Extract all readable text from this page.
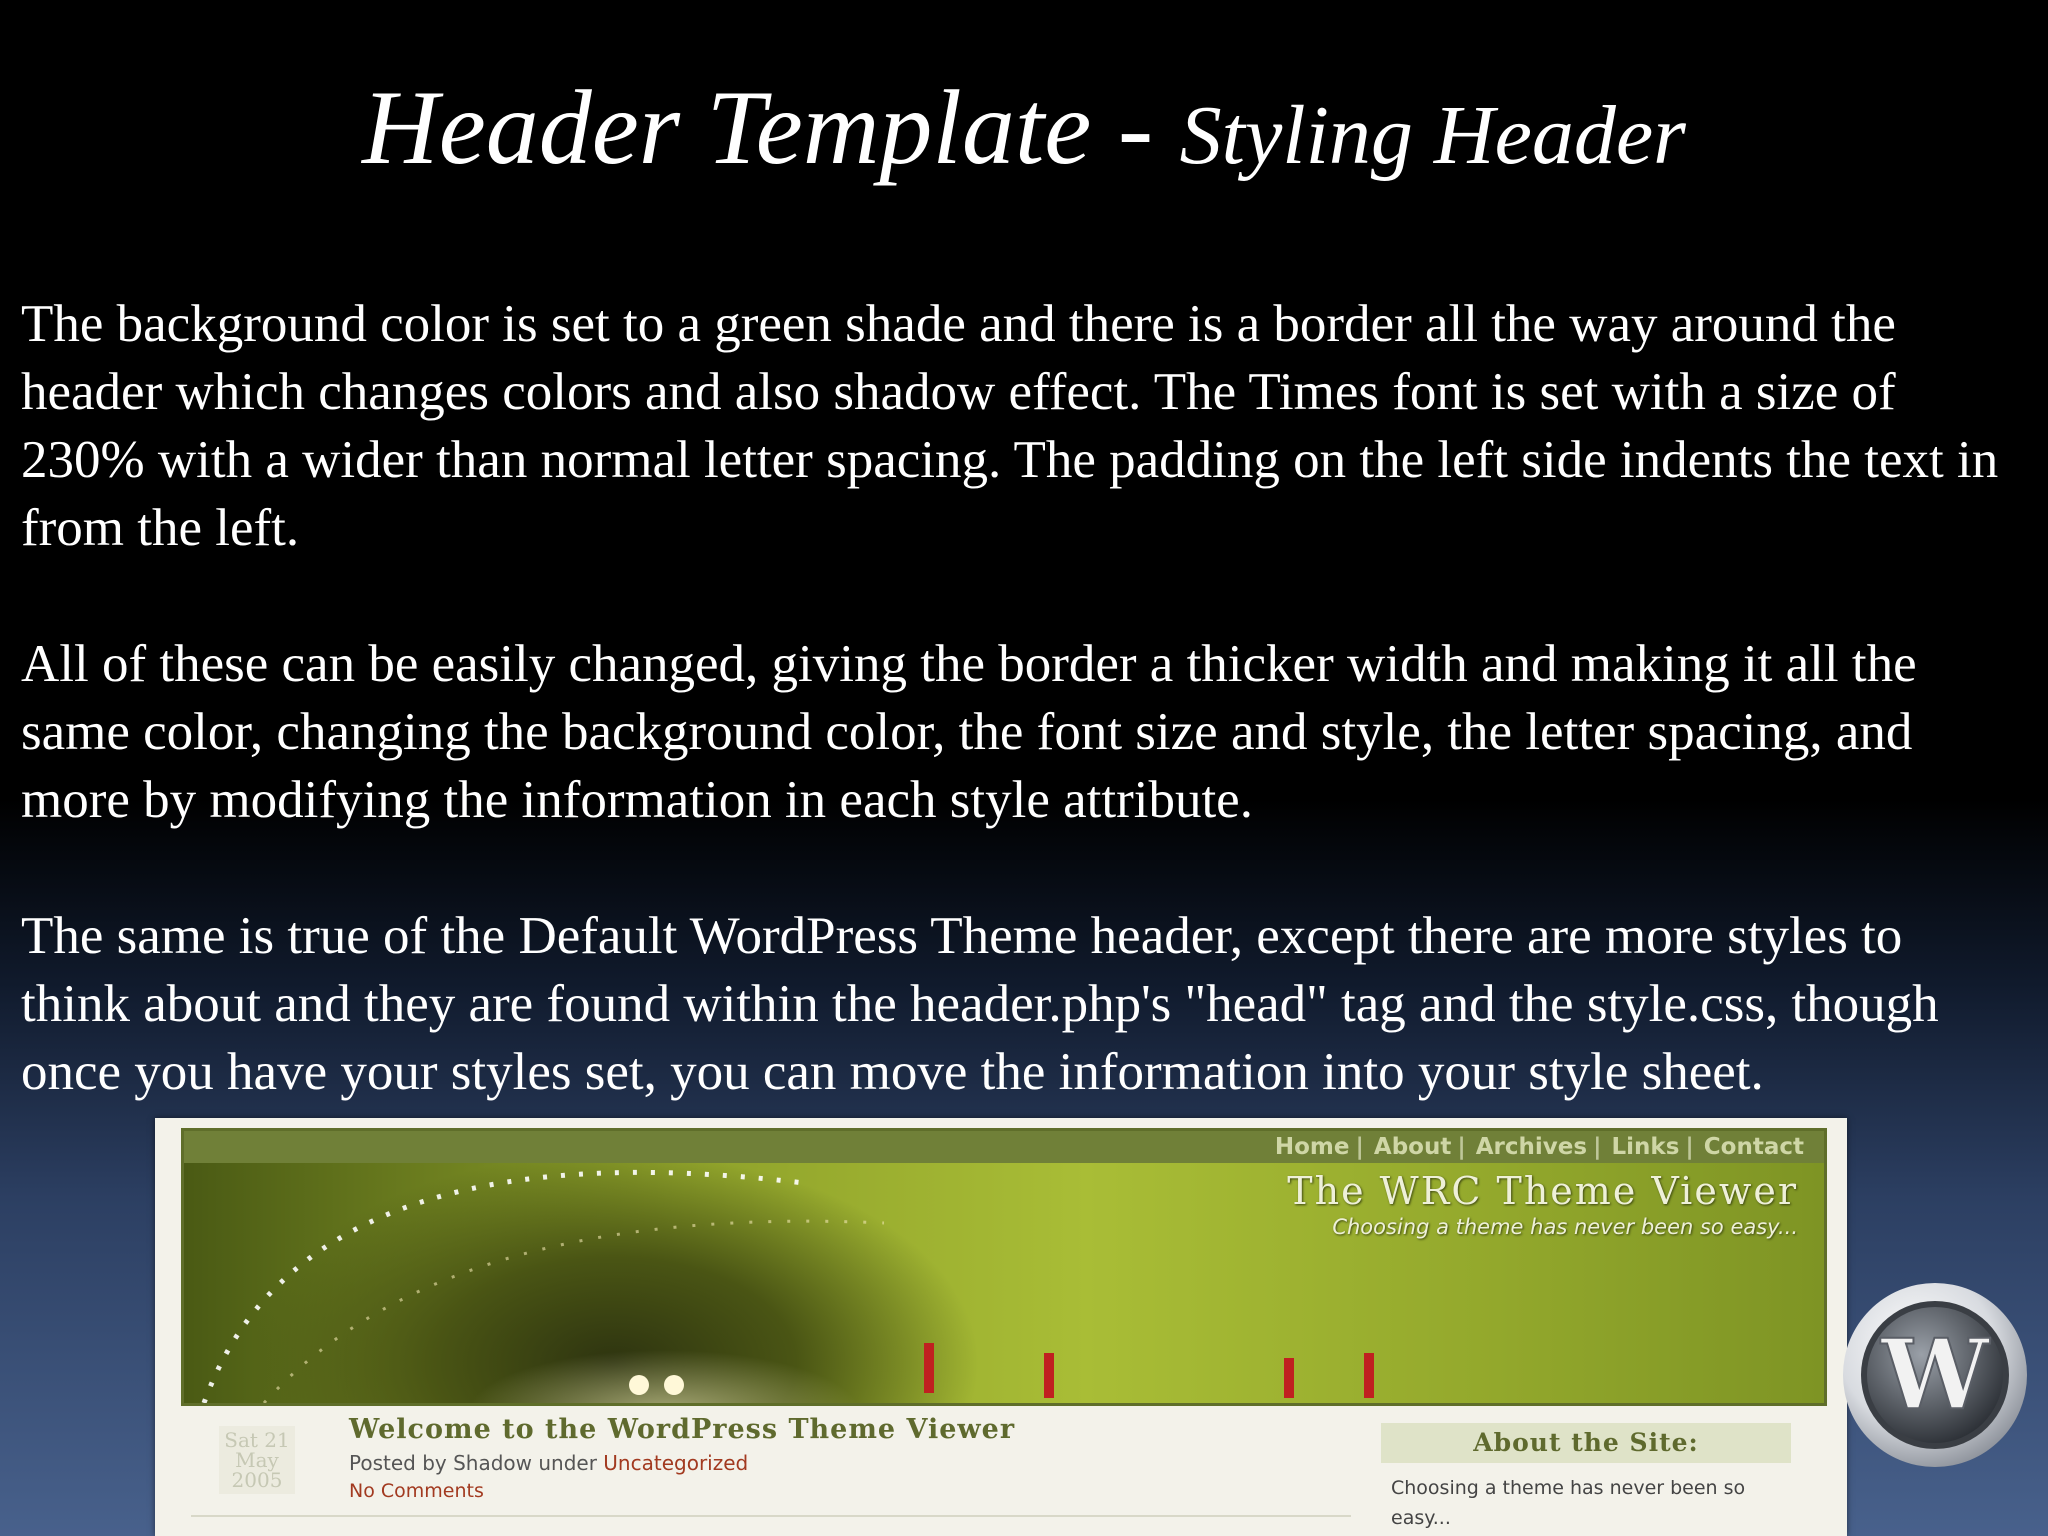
Header Template - Styling Header

The background color is set to a green shade and there is a border all the way around the header which changes colors and also shadow effect. The Times font is set with a size of 230% with a wider than normal letter spacing. The padding on the left side indents the text in from the left.

All of these can be easily changed, giving the border a thicker width and making it all the same color, changing the background color, the font size and style, the letter spacing, and more by modifying the information in each style attribute.

The same is true of the Default WordPress Theme header, except there are more styles to think about and they are found within the header.php's "head" tag and the style.css, though once you have your styles set, you can move the information into your style sheet.

Home | About | Archives | Links | Contact
The WRC Theme Viewer
Choosing a theme has never been so easy...
Sat 21
May
2005
Welcome to the WordPress Theme Viewer
Posted by Shadow under Uncategorized
No Comments
About the Site:
Choosing a theme has never been so easy...
W
